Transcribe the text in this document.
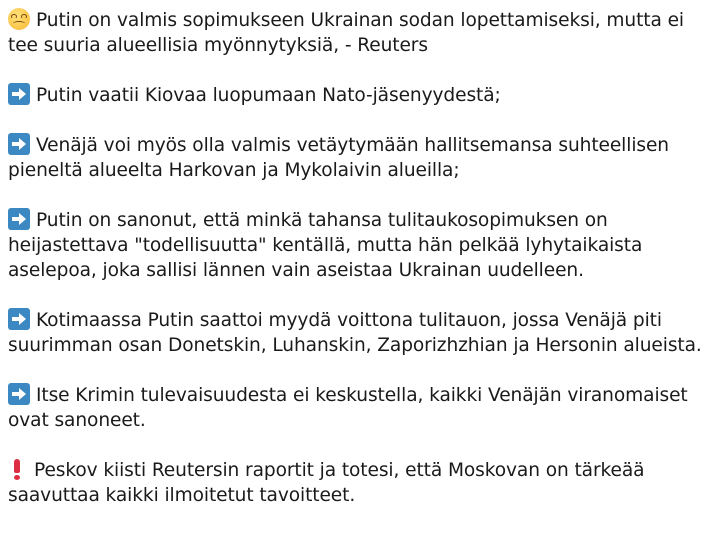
Putin on valmis sopimukseen Ukrainan sodan lopettamiseksi, mutta ei tee suuria alueellisia myönnytyksiä, - Reuters

Putin vaatii Kiovaa luopumaan Nato-jäsenyydestä;

Venäjä voi myös olla valmis vetäytymään hallitsemansa suhteellisen pieneltä alueelta Harkovan ja Mykolaivin alueilla;

Putin on sanonut, että minkä tahansa tulitaukosopimuksen on heijastettava "todellisuutta" kentällä, mutta hän pelkää lyhytaikaista aselepoa, joka sallisi lännen vain aseistaa Ukrainan uudelleen.

Kotimaassa Putin saattoi myydä voittona tulitauon, jossa Venäjä piti suurimman osan Donetskin, Luhanskin, Zaporizhzhian ja Hersonin alueista.

Itse Krimin tulevaisuudesta ei keskustella, kaikki Venäjän viranomaiset ovat sanoneet.

Peskov kiisti Reutersin raportit ja totesi, että Moskovan on tärkeää saavuttaa kaikki ilmoitetut tavoitteet.
